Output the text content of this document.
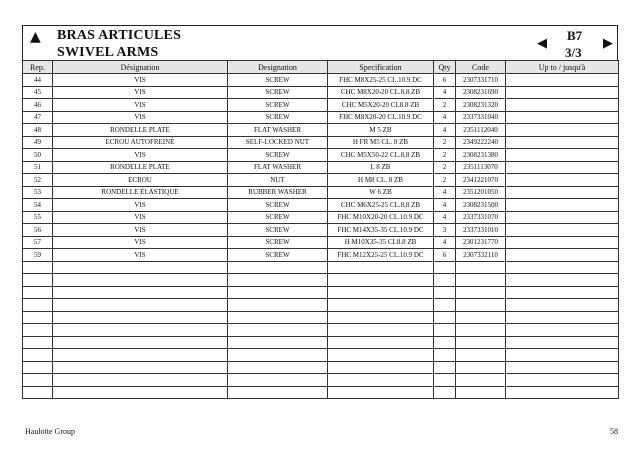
▲ BRAS ARTICULES
SWIVEL ARMS
◀
B7
3/3
▶
Rep.	Désignation	Designation	Specification	Qty	Code	Up to / jusqu'à
44	VIS	SCREW	FHC M8X25-25 CL.10.9 DC	6	2307331710	
45	VIS	SCREW	CHC M8X20-20 CL.8,8 ZB	4	2308231690	
46	VIS	SCREW	CHC M5X20-20 CL8.8 ZB	2	2308231320	
47	VIS	SCREW	FHC M8X20-20 CL.10.9 DC	4	2337331040	
48	RONDELLE PLATE	FLAT WASHER	M 5 ZB	4	2351112040	
49	ECROU AUTOFREINÉ	SELF-LOCKED NUT	H FR M5 CL. 8 ZB	2	2349222240	
50	VIS	SCREW	CHC M5X50-22 CL.8,8 ZB	2	2308231380	
51	RONDELLE PLATE	FLAT WASHER	L 8 ZB	2	2351113070	
52	ECROU	NUT	H M8 CL. 8 ZB	2	2341221070	
53	RONDELLE ÉLASTIQUE	RUBBER WASHER	W 6 ZB	4	2351201050	
54	VIS	SCREW	CHC M6X25-25 CL.8,8 ZB	4	2308231500	
55	VIS	SCREW	FHC M10X20-20 CL.10.9 DC	4	2337331070	
56	VIS	SCREW	FHC M14X35-35 CL.10.9 DC	3	2337331010	
57	VIS	SCREW	H M10X35-35 CL8.8 ZB	4	2301231770	
59	VIS	SCREW	FHC M12X25-25 CL.10.9 DC	6	2307332110	

Haulotte Group	58
